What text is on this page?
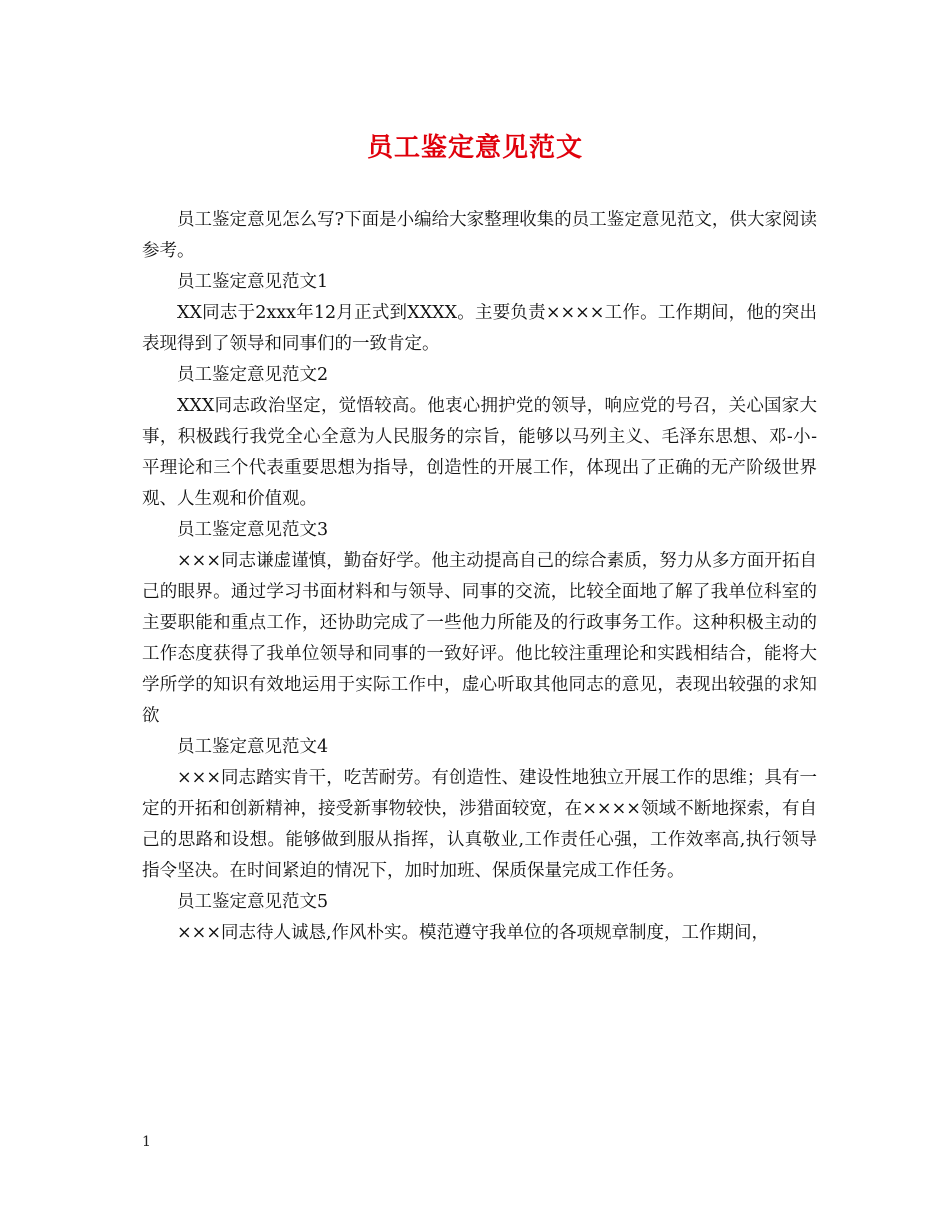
员工鉴定意见范文

员工鉴定意见怎么写?下面是小编给大家整理收集的员工鉴定意见范文，供大家阅读参考。

员工鉴定意见范文1

XX同志于2xxx年12月正式到XXXX。主要负责××××工作。工作期间，他的突出表现得到了领导和同事们的一致肯定。

员工鉴定意见范文2

XXX同志政治坚定，觉悟较高。他衷心拥护党的领导，响应党的号召，关心国家大事，积极践行我党全心全意为人民服务的宗旨，能够以马列主义、毛泽东思想、邓-小-平理论和三个代表重要思想为指导，创造性的开展工作，体现出了正确的无产阶级世界观、人生观和价值观。

员工鉴定意见范文3

×××同志谦虚谨慎，勤奋好学。他主动提高自己的综合素质，努力从多方面开拓自己的眼界。通过学习书面材料和与领导、同事的交流，比较全面地了解了我单位科室的主要职能和重点工作，还协助完成了一些他力所能及的行政事务工作。这种积极主动的工作态度获得了我单位领导和同事的一致好评。他比较注重理论和实践相结合，能将大学所学的知识有效地运用于实际工作中，虚心听取其他同志的意见，表现出较强的求知欲

员工鉴定意见范文4

×××同志踏实肯干，吃苦耐劳。有创造性、建设性地独立开展工作的思维；具有一定的开拓和创新精神，接受新事物较快，涉猎面较宽，在××××领域不断地探索，有自己的思路和设想。能够做到服从指挥，认真敬业,工作责任心强，工作效率高,执行领导指令坚决。在时间紧迫的情况下，加时加班、保质保量完成工作任务。

员工鉴定意见范文5

×××同志待人诚恳,作风朴实。模范遵守我单位的各项规章制度，工作期间，

1
